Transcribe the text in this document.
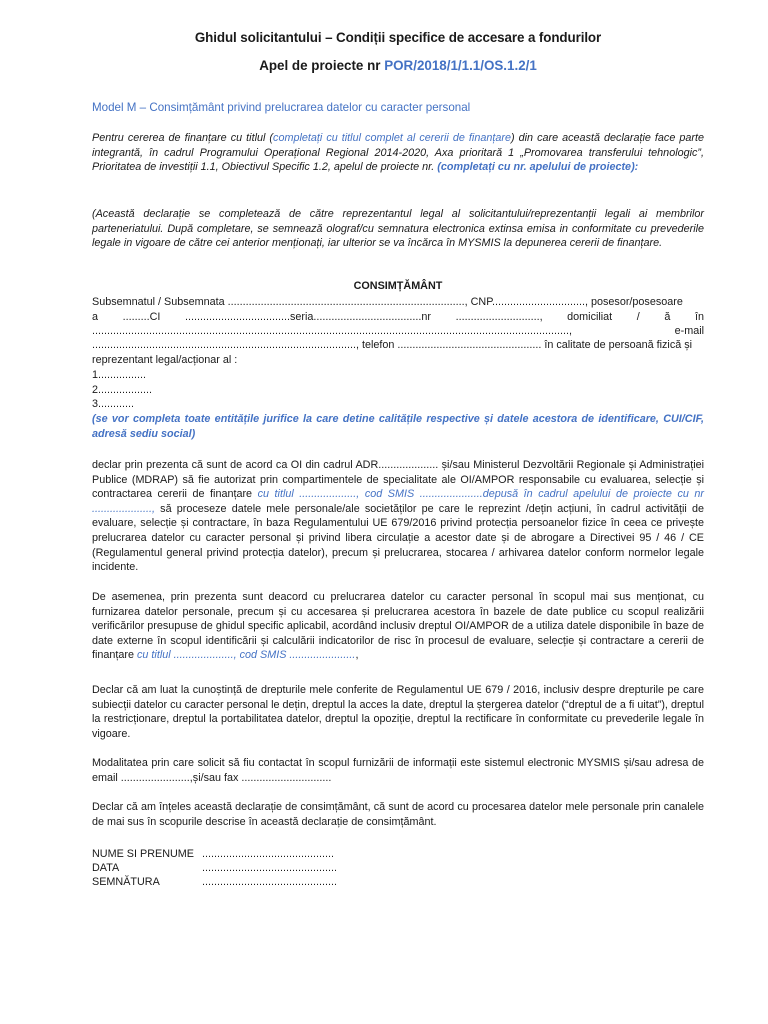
Ghidul solicitantului – Condiții specifice de accesare a fondurilor
Apel de proiecte nr POR/2018/1/1.1/OS.1.2/1
Model M – Consimțământ privind prelucrarea datelor cu caracter personal

Pentru cererea de finanțare cu titlul (completați cu titlul complet al cererii de finanțare) din care această declarație face parte integrantă, în cadrul Programului Operațional Regional 2014-2020, Axa prioritară 1 „Promovarea transferului tehnologic”, Prioritatea de investiții 1.1, Obiectivul Specific 1.2, apelul de proiecte nr. (completați cu nr. apelului de proiecte):

(Această declarație se completează de către reprezentantul legal al solicitantului/reprezentanții legali ai membrilor parteneriatului. După completare, se semnează olograf/cu semnatura electronica extinsa emisa in conformitate cu prevederile legale in vigoare de către cei anterior menționați, iar ulterior se va încărca în MYSMIS la depunerea cererii de finanțare.

CONSIMȚĂMÂNT
Subsemnatul / Subsemnata ..............................................................................., CNP..............................., posesor/posesoare
a .........CI ...................................seria....................................nr ............................, domiciliat / ă în
...............................................................................................................................................................,	e-mail
........................................................................................, telefon ................................................ în calitate de persoană fizică și
reprezentant legal/acționar al :
1................
2..................
3............

(se vor completa toate entitățile jurifice la care detine calitățile respective și datele acestora de identificare, CUI/CIF, adresă sediu social)

declar prin prezenta că sunt de acord ca OI din cadrul ADR.................... și/sau Ministerul Dezvoltării Regionale și Administrației Publice (MDRAP) să fie autorizat prin compartimentele de specialitate ale OI/AMPOR responsabile cu evaluarea, selecție și contractarea cererii de finanțare cu titlul ..................., cod SMIS .....................depusă în cadrul apelului de proiecte cu nr ...................., să proceseze datele mele personale/ale societăților pe care le reprezint /dețin acțiuni, în cadrul activității de evaluare, selecție și contractare, în baza Regulamentului UE 679/2016 privind protecția persoanelor fizice în ceea ce privește prelucrarea datelor cu caracter personal și privind libera circulație a acestor date și de abrogare a Directivei 95 / 46 / CE (Regulamentul general privind protecția datelor), precum și prelucrarea, stocarea / arhivarea datelor conform normelor legale incidente.

De asemenea, prin prezenta sunt deacord cu prelucrarea datelor cu caracter personal în scopul mai sus menționat, cu furnizarea datelor personale, precum și cu accesarea și prelucrarea acestora în bazele de date publice cu scopul realizării verificărilor presupuse de ghidul specific aplicabil, acordând inclusiv dreptul OI/AMPOR de a utiliza datele disponibile în baze de date externe în scopul identificării și calculării indicatorilor de risc în procesul de evaluare, selecție și contractare a cererii de finanțare cu titlul ...................., cod SMIS ......................,

Declar că am luat la cunoștință de drepturile mele conferite de Regulamentul UE 679 / 2016, inclusiv despre drepturile pe care subiecții datelor cu caracter personal le dețin, dreptul la acces la date, dreptul la ștergerea datelor (“dreptul de a fi uitat”), dreptul la restricționare, dreptul la portabilitatea datelor, dreptul la opoziție, dreptul la rectificare în conformitate cu prevederile legale în vigoare.

Modalitatea prin care solicit să fiu contactat în scopul furnizării de informații este sistemul electronic MYSMIS și/sau adresa de email .......................,și/sau fax ..............................

Declar că am înțeles această declarație de consimțământ, că sunt de acord cu procesarea datelor mele personale prin canalele de mai sus în scopurile descrise în această declarație de consimțământ.

NUME SI PRENUME ............................................
DATA	.............................................
SEMNĂTURA	.............................................
